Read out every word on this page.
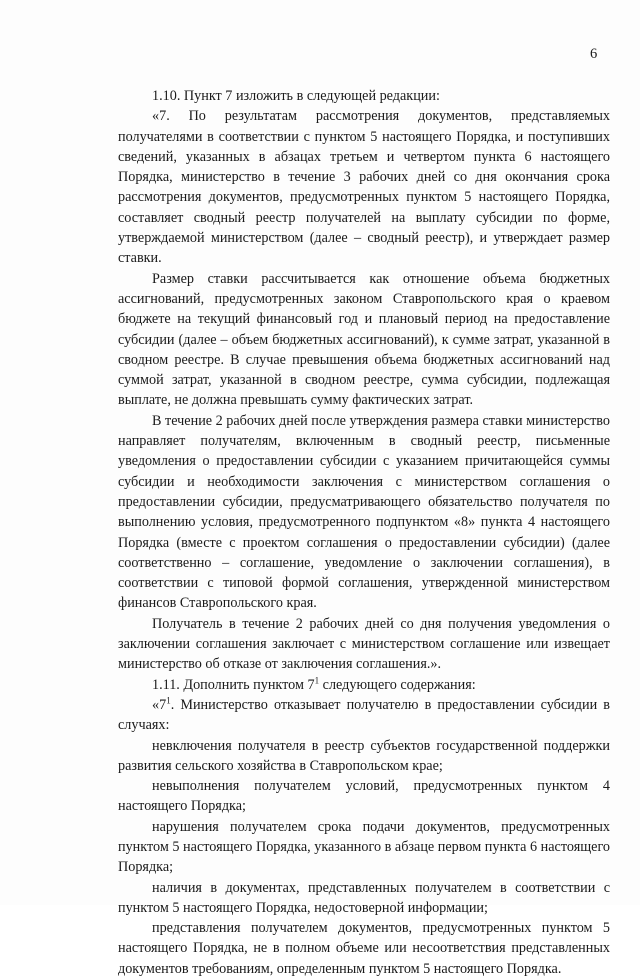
6

1.10. Пункт 7 изложить в следующей редакции:

«7. По результатам рассмотрения документов, представляемых получателями в соответствии с пунктом 5 настоящего Порядка, и поступивших сведений, указанных в абзацах третьем и четвертом пункта 6 настоящего Порядка, министерство в течение 3 рабочих дней со дня окончания срока рассмотрения документов, предусмотренных пунктом 5 настоящего Порядка, составляет сводный реестр получателей на выплату субсидии по форме, утверждаемой министерством (далее – сводный реестр), и утверждает размер ставки.

Размер ставки рассчитывается как отношение объема бюджетных ассигнований, предусмотренных законом Ставропольского края о краевом бюджете на текущий финансовый год и плановый период на предоставление субсидии (далее – объем бюджетных ассигнований), к сумме затрат, указанной в сводном реестре. В случае превышения объема бюджетных ассигнований над суммой затрат, указанной в сводном реестре, сумма субсидии, подлежащая выплате, не должна превышать сумму фактических затрат.

В течение 2 рабочих дней после утверждения размера ставки министерство направляет получателям, включенным в сводный реестр, письменные уведомления о предоставлении субсидии с указанием причитающейся суммы субсидии и необходимости заключения с министерством соглашения о предоставлении субсидии, предусматривающего обязательство получателя по выполнению условия, предусмотренного подпунктом «8» пункта 4 настоящего Порядка (вместе с проектом соглашения о предоставлении субсидии) (далее соответственно – соглашение, уведомление о заключении соглашения), в соответствии с типовой формой соглашения, утвержденной министерством финансов Ставропольского края.

Получатель в течение 2 рабочих дней со дня получения уведомления о заключении соглашения заключает с министерством соглашение или извещает министерство об отказе от заключения соглашения.».

1.11. Дополнить пунктом $7^1$ следующего содержания:

«$7^1$. Министерство отказывает получателю в предоставлении субсидии в случаях:

невключения получателя в реестр субъектов государственной поддержки развития сельского хозяйства в Ставропольском крае;

невыполнения получателем условий, предусмотренных пунктом 4 настоящего Порядка;

нарушения получателем срока подачи документов, предусмотренных пунктом 5 настоящего Порядка, указанного в абзаце первом пункта 6 настоящего Порядка;

наличия в документах, представленных получателем в соответствии с пунктом 5 настоящего Порядка, недостоверной информации;

представления получателем документов, предусмотренных пунктом 5 настоящего Порядка, не в полном объеме или несоответствия представленных документов требованиям, определенным пунктом 5 настоящего Порядка.
